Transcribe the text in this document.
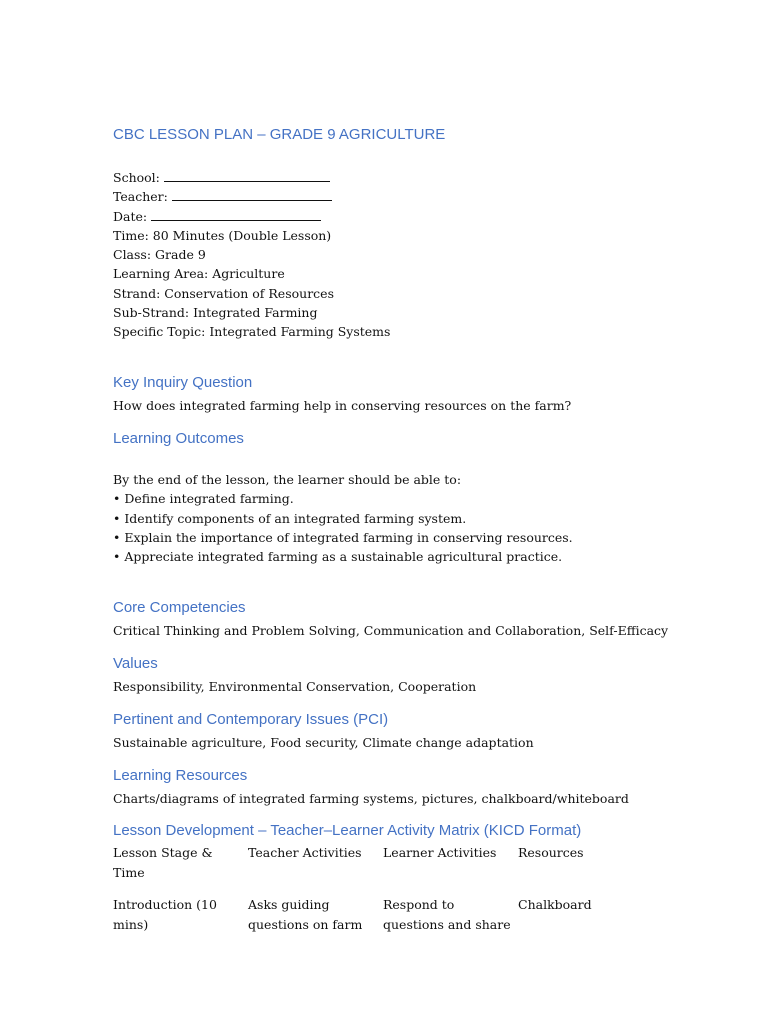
CBC LESSON PLAN – GRADE 9 AGRICULTURE
School:
Teacher:
Date:
Time: 80 Minutes (Double Lesson)
Class: Grade 9
Learning Area: Agriculture
Strand: Conservation of Resources
Sub-Strand: Integrated Farming
Specific Topic: Integrated Farming Systems
Key Inquiry Question
How does integrated farming help in conserving resources on the farm?
Learning Outcomes
By the end of the lesson, the learner should be able to:
• Define integrated farming.
• Identify components of an integrated farming system.
• Explain the importance of integrated farming in conserving resources.
• Appreciate integrated farming as a sustainable agricultural practice.
Core Competencies
Critical Thinking and Problem Solving, Communication and Collaboration, Self-Efficacy
Values
Responsibility, Environmental Conservation, Cooperation
Pertinent and Contemporary Issues (PCI)
Sustainable agriculture, Food security, Climate change adaptation
Learning Resources
Charts/diagrams of integrated farming systems, pictures, chalkboard/whiteboard
Lesson Development – Teacher–Learner Activity Matrix (KICD Format)
Lesson Stage & Time
Teacher Activities	Learner Activities	Resources
Introduction (10 mins)
Asks guiding questions on farm
Respond to questions and share
Chalkboard
